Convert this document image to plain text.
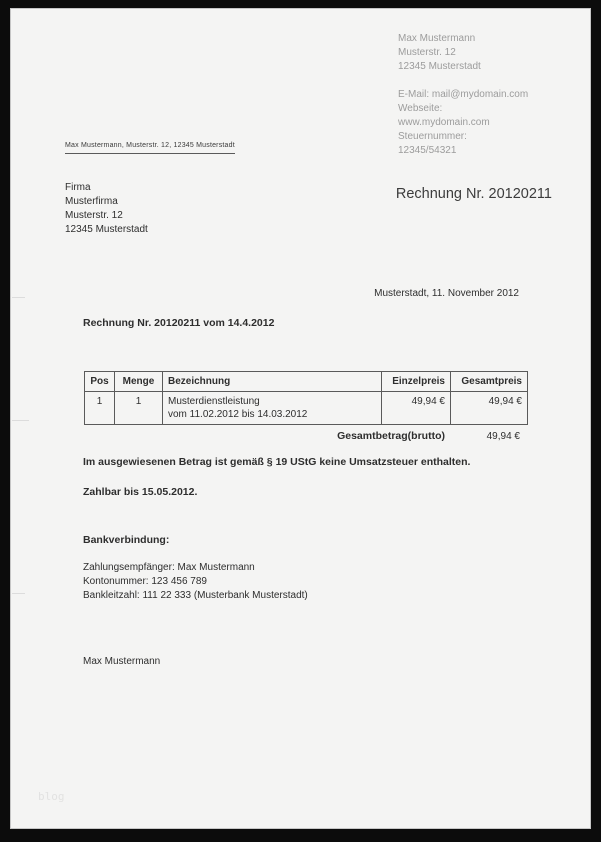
Max Mustermann
Musterstr. 12
12345 Musterstadt
E-Mail: mail@mydomain.com
Webseite:
www.mydomain.com
Steuernummer:
12345/54321
Max Mustermann, Musterstr. 12, 12345 Musterstadt
Firma
Musterfirma
Musterstr. 12
12345 Musterstadt
Rechnung Nr. 20120211
Musterstadt, 11. November 2012
Rechnung Nr. 20120211 vom 14.4.2012
Pos	Menge	Bezeichnung	Einzelpreis	Gesamtpreis
1	1	Musterdienstleistung
vom 11.02.2012 bis 14.03.2012	49,94 €	49,94 €
Gesamtbetrag(brutto)	49,94 €
Im ausgewiesenen Betrag ist gemäß § 19 UStG keine Umsatzsteuer enthalten.
Zahlbar bis 15.05.2012.
Bankverbindung:
Zahlungsempfänger: Max Mustermann
Kontonummer: 123 456 789
Bankleitzahl: 111 22 333 (Musterbank Musterstadt)
Max Mustermann
blog
